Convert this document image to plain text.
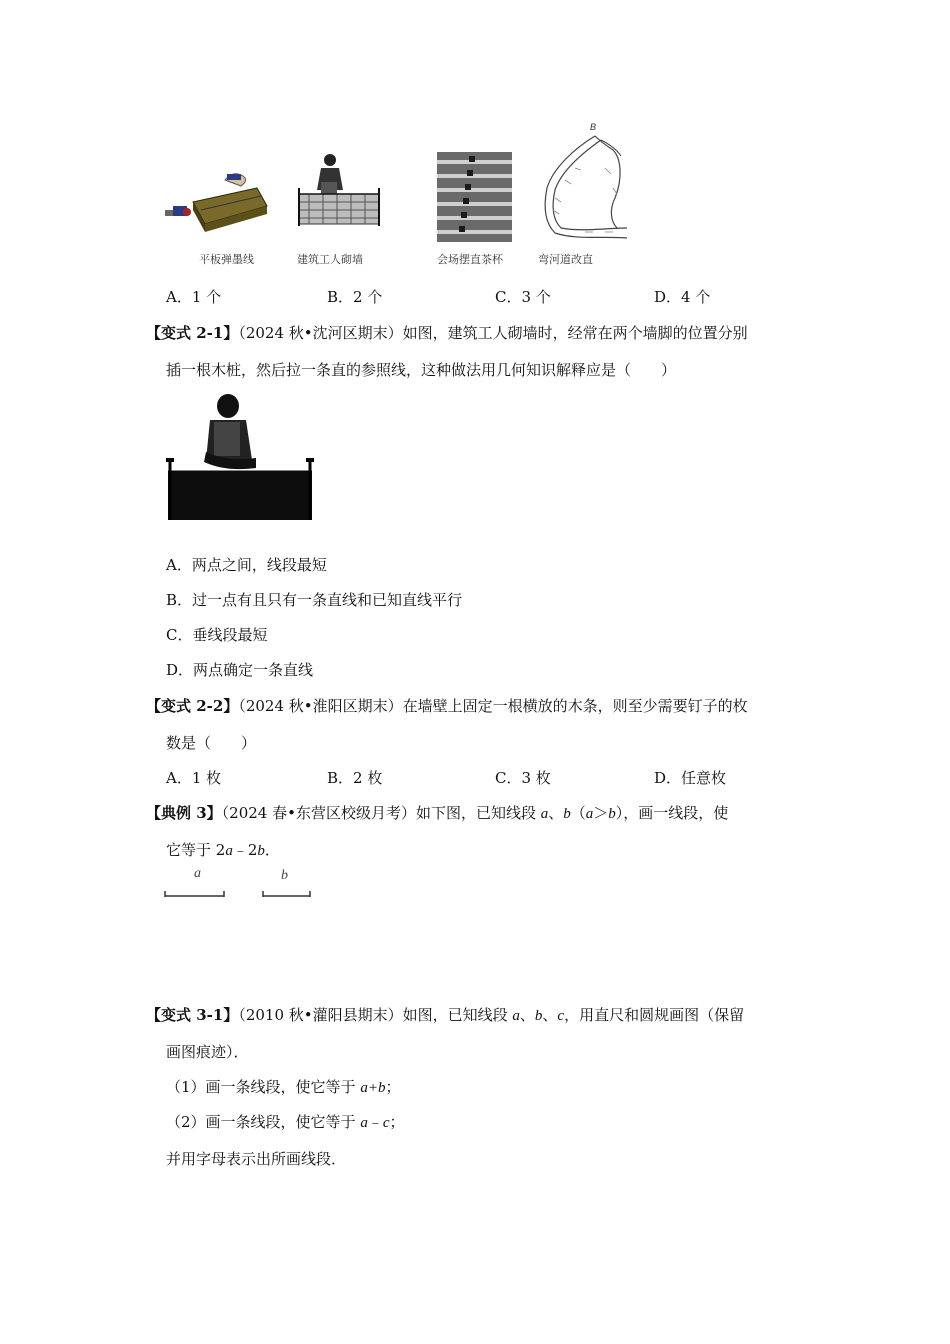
B
平板弹墨线	建筑工人砌墙	会场摆直茶杯	弯河道改直
A．1 个	B．2 个	C．3 个	D．4 个
【变式 2-1】（2024 秋•沈河区期末）如图，建筑工人砌墙时，经常在两个墙脚的位置分别
插一根木桩，然后拉一条直的参照线，这种做法用几何知识解释应是（　　）
A．两点之间，线段最短
B．过一点有且只有一条直线和已知直线平行
C．垂线段最短
D．两点确定一条直线
【变式 2-2】（2024 秋•淮阳区期末）在墙壁上固定一根横放的木条，则至少需要钉子的枚
数是（　　）
A．1 枚	B．2 枚	C．3 枚	D．任意枚
【典例 3】（2024 春•东营区校级月考）如下图，已知线段 a、b（a＞b），画一线段，使
它等于 2a﹣2b．
a	b
【变式 3-1】（2010 秋•灌阳县期末）如图，已知线段 a、b、c，用直尺和圆规画图（保留
画图痕迹）．
（1）画一条线段，使它等于 a+b；
（2）画一条线段，使它等于 a﹣c；
并用字母表示出所画线段．
